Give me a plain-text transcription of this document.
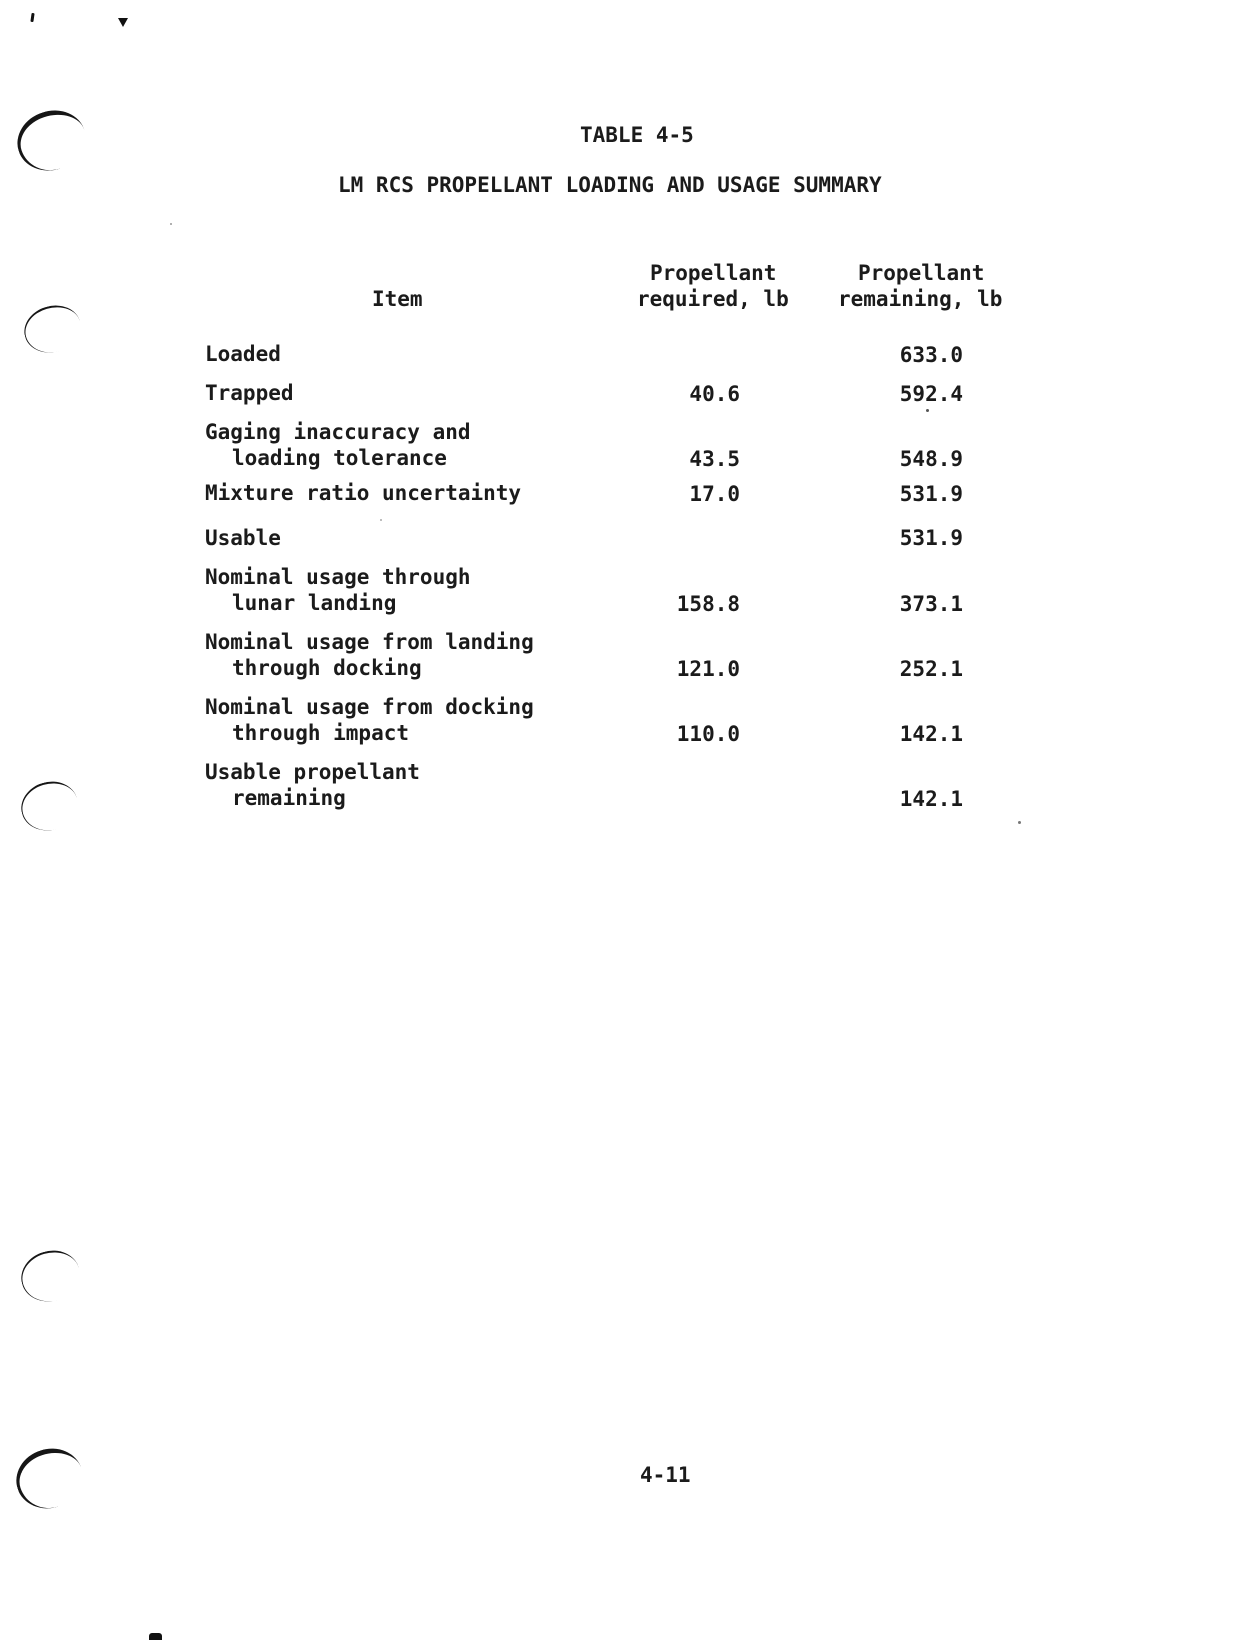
TABLE 4-5
LM RCS PROPELLANT LOADING AND USAGE SUMMARY
Item
Propellant
required, lb
Propellant
remaining, lb
Loaded
Trapped
Gaging inaccuracy and
loading tolerance
Mixture ratio uncertainty
Usable
Nominal usage through
lunar landing
Nominal usage from landing
through docking
Nominal usage from docking
through impact
Usable propellant
remaining
40.6
43.5
17.0
158.8
121.0
110.0
633.0
592.4
548.9
531.9
531.9
373.1
252.1
142.1
142.1
4-11
